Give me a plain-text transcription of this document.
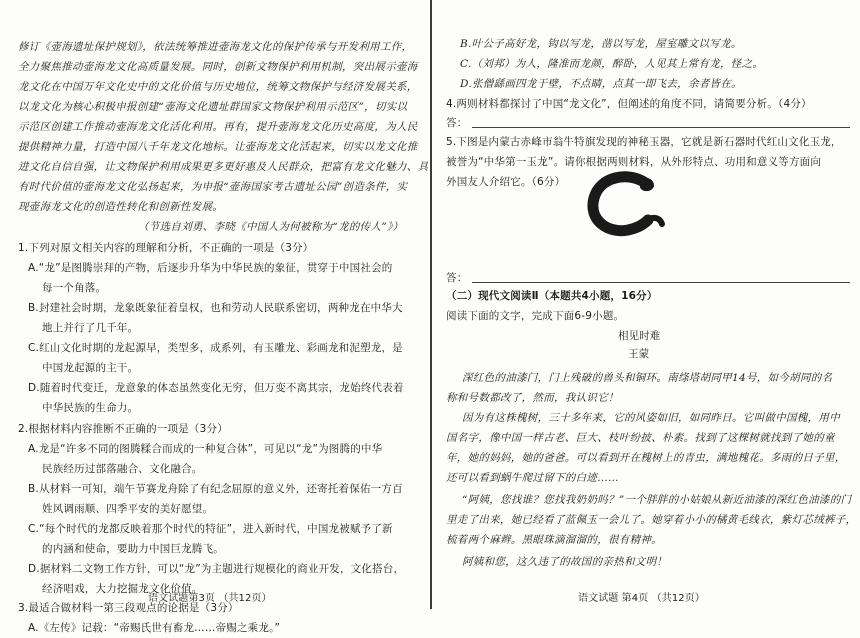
修订《壶海遗址保护规划》，依法统筹推进壶海龙文化的保护传承与开发利用工作，
全力聚焦推动壶海龙文化高质量发展。同时，创新文物保护利用机制，突出展示壶海
龙文化在中国万年文化史中的文化价值与历史地位，统筹文物保护与经济发展关系，
以龙文化为核心积极申报创建“壶海文化遗址群国家文物保护利用示范区”，切实以
示范区创建工作推动壶海龙文化活化利用。再有，提升壶海龙文化历史高度，为人民
提供精神力量，打造中国八千年龙文化地标。让壶海龙文化活起来，切实以龙文化推
进文化自信自强，让文物保护利用成果更多更好惠及人民群众，把富有龙文化魅力、具
有时代价值的壶海龙文化弘扬起来，为申报“壶海国家考古遗址公园”创造条件，实
现壶海龙文化的创造性转化和创新性发展。
（节选自刘勇、李晓《中国人为何被称为“龙的传人”》）
1.下列对原文相关内容的理解和分析，不正确的一项是（3分）
A.“龙”是图腾崇拜的产物，后逐步升华为中华民族的象征，贯穿于中国社会的
每一个角落。
B.封建社会时期，龙象既象征着皇权，也和劳动人民联系密切，两种龙在中华大
地上并行了几千年。
C.红山文化时期的龙起源早，类型多，成系列，有玉雕龙、彩画龙和泥塑龙，是
中国龙起源的主干。
D.随着时代变迁，龙意象的体态虽然变化无穷，但万变不离其宗，龙始终代表着
中华民族的生命力。
2.根据材料内容推断不正确的一项是（3分）
A.龙是“许多不同的图腾糅合而成的一种复合体”，可见以“龙”为图腾的中华
民族经历过部落融合、文化融合。
B.从材料一可知，端午节赛龙舟除了有纪念屈原的意义外，还寄托着保佑一方百
姓风调雨顺、四季平安的美好愿望。
C.“每个时代的龙都反映着那个时代的特征”，进入新时代，中国龙被赋予了新
的内涵和使命，要助力中国巨龙腾飞。
D.据材料二文物工作方针，可以“龙”为主题进行规模化的商业开发，文化搭台，
经济唱戏，大力挖掘龙文化价值。
3.最适合做材料一第三段观点的论据是（3分）
A.《左传》记载：“帝赐氏世有畜龙……帝赐之乘龙。”
语文试题第3页 （共12页）
B.叶公子高好龙，钩以写龙，凿以写龙，屋室雕文以写龙。
C.（刘邦）为人，隆准而龙颜，醉卧，人见其上常有龙，怪之。
D.张僧繇画四龙于壁，不点睛，点其一即飞去，余者皆在。
4.两则材料都探讨了中国“龙文化”，但阐述的角度不同，请简要分析。（4分）
答：
5.下图是内蒙古赤峰市翁牛特旗发现的神秘玉器，它就是新石器时代红山文化玉龙，
被誉为“中华第一玉龙”。请你根据两则材料，从外形特点、功用和意义等方面向
外国友人介绍它。（6分）
答：
（二）现代文阅读Ⅱ（本题共4小题，16分）
阅读下面的文字，完成下面6-9小题。
相见时难
王蒙
深红色的油漆门，门上残破的兽头和铜环。南绦塔胡同甲14号，如今胡同的名
称和号数都改了，然而，我认识它！
因为有这株槐树，三十多年来，它的风姿如旧，如同昨日。它叫做中国槐，用中
国名字，像中国一样古老、巨大、枝叶纷披、朴素。找到了这棵树就找到了她的童
年，她的妈妈，她的爸爸。可以看到开在槐树上的青虫，满地槐花。多雨的日子里，
还可以看到蜗牛爬过留下的白迹……
“阿姨，您找谁？您找我奶奶吗？”一个胖胖的小姑娘从新近油漆的深红色油漆的门
里走了出来，她已经看了蓝佩玉一会儿了。她穿着小小的橘黄毛线衣，紫灯芯绒裤子，
梳着两个麻辫。黑眼珠滴溜溜的，很有精神。
阿姨和您，这久违了的故国的亲热和文明！
语文试题 第4页 （共12页）
